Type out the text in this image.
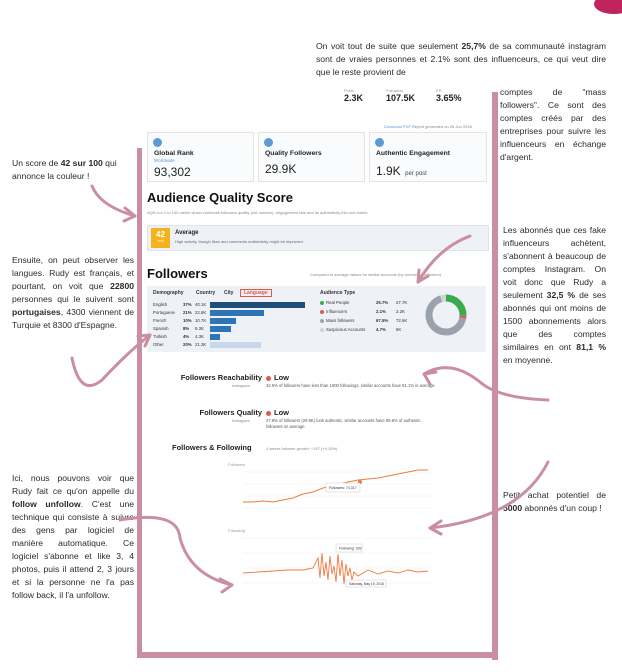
On voit tout de suite que seulement 25,7% de sa communauté instagram sont de vraies personnes et 2.1% sont des influenceurs, ce qui veut dire que le reste provient de
comptes de "mass followers". Ce sont des comptes créés par des entreprises pour suivre les influenceurs en échange d'argent.
Un score de 42 sur 100 qui annonce la couleur !
Ensuite, on peut observer les langues. Rudy est français, et pourtant, on voit que 22800 personnes qui le suivent sont portugaises, 4300 viennent de Turquie et 8300 d'Espagne.
Ici, nous pouvons voir que Rudy fait ce qu'on appelle du follow unfollow. C'est une technique qui consiste à suivre des gens par logiciel de manière automatique. Ce logiciel s'abonne et like 3, 4 photos, puis il attend 2, 3 jours et si la personne ne l'a pas follow back, il l'a unfollow.
Les abonnés que ces fake influenceurs achètent, s'abonnent à beaucoup de comptes Instagram. On voit donc que Rudy a seulement 32,5 % de ses abonnés qui ont moins de 1500 abonnements alors que des comptes similaires en ont 81,1 % en moyenne.
Petit achat potentiel de 5000 abonnés d'un coup !
Posts
2.3K
Followers
107.5K
ER
3.65%
Download PDF Report generated on 28 Jun 2018
Global Rank
Worldwide
93,302
Quality Followers
29.9K
Authentic Engagement
1.9K per post
Audience Quality Score
AQS is a 1 to 100 metric which combines followers quality (not number), engagement rate and its authenticity into one metric
42
/100
Average
High activity, though likes and comments authenticity might be improved.
Followers	Compared to average values for similar accounts (by number of followers)
Demography Country City	Language
English	37% 40.1K
Portuguese	21% 22.8K
French	10% 10.7K
Spanish	8% 8.3K
Turkish	4% 4.3K
Other	20% 21.3K
Audience Type
Real People	25.7% 27.7K
Influencers	2.1% 2.2K
Mass followers	67.5% 72.6K
Suspicious Accounts 4.7% 5K
Followers Reachability
Instagram
Low
32.5% of followers have less than 1500 followings, similar accounts have 81.1% in average
Followers Quality
Instagram
Low
27.8% of followers (29.9K) look authentic, similar accounts have 69.6% of authentic followers on average
Followers & Following	4 weeks follower growth: +157 (+0.15%)
Followers
Followers: 74,317
Following
Following: 292
Saturday, May 19, 2018
